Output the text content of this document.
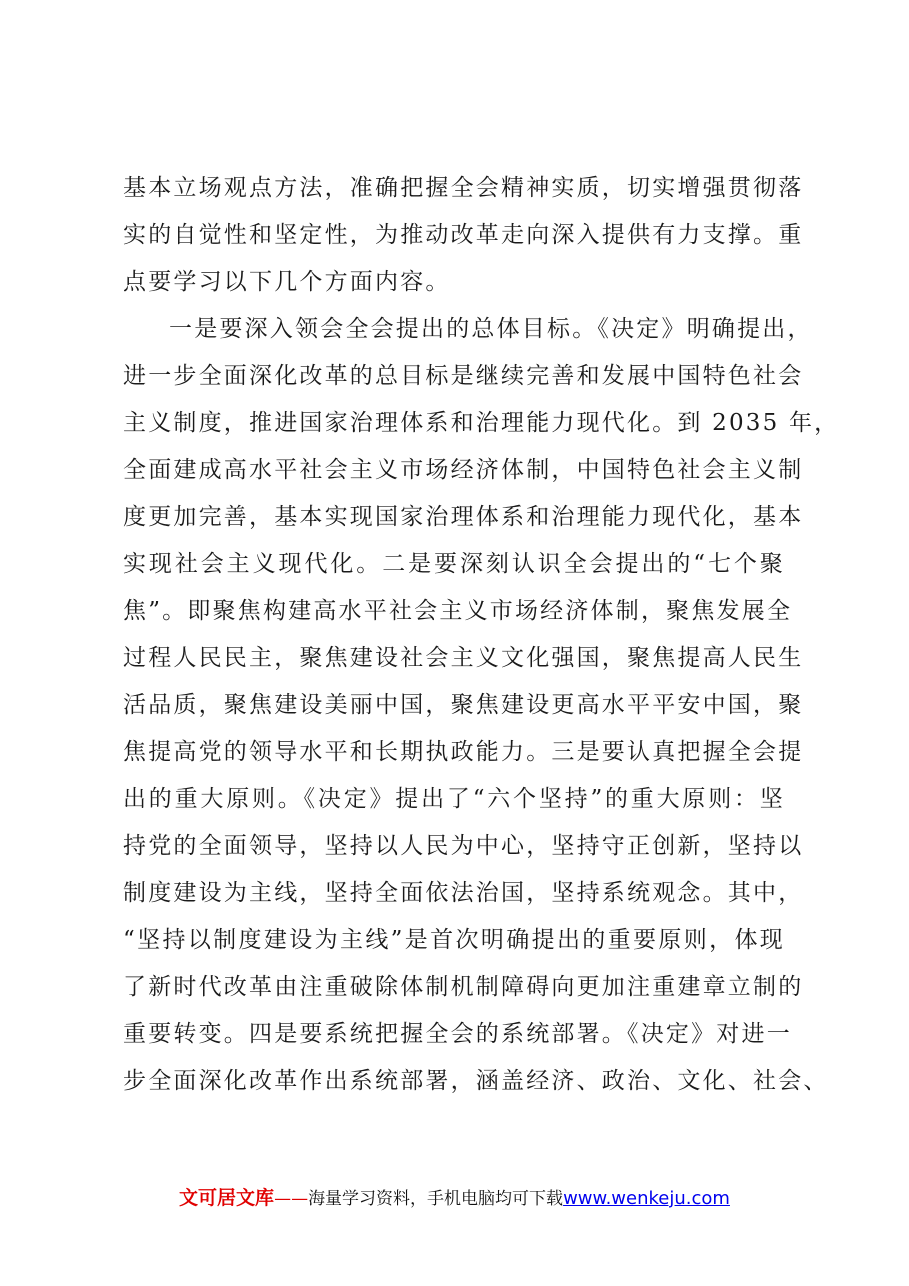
基本立场观点方法，准确把握全会精神实质，切实增强贯彻落
实的自觉性和坚定性，为推动改革走向深入提供有力支撑。重
点要学习以下几个方面内容。
一是要深入领会全会提出的总体目标。《决定》明确提出，
进一步全面深化改革的总目标是继续完善和发展中国特色社会
主义制度，推进国家治理体系和治理能力现代化。到 2035 年，
全面建成高水平社会主义市场经济体制，中国特色社会主义制
度更加完善，基本实现国家治理体系和治理能力现代化，基本
实现社会主义现代化。二是要深刻认识全会提出的“七个聚
焦”。即聚焦构建高水平社会主义市场经济体制，聚焦发展全
过程人民民主，聚焦建设社会主义文化强国，聚焦提高人民生
活品质，聚焦建设美丽中国，聚焦建设更高水平平安中国，聚
焦提高党的领导水平和长期执政能力。三是要认真把握全会提
出的重大原则。《决定》提出了“六个坚持”的重大原则：坚
持党的全面领导，坚持以人民为中心，坚持守正创新，坚持以
制度建设为主线，坚持全面依法治国，坚持系统观念。其中，
“坚持以制度建设为主线”是首次明确提出的重要原则，体现
了新时代改革由注重破除体制机制障碍向更加注重建章立制的
重要转变。四是要系统把握全会的系统部署。《决定》对进一
步全面深化改革作出系统部署，涵盖经济、政治、文化、社会、
文可居文库——海量学习资料，手机电脑均可下载www.wenkeju.com
